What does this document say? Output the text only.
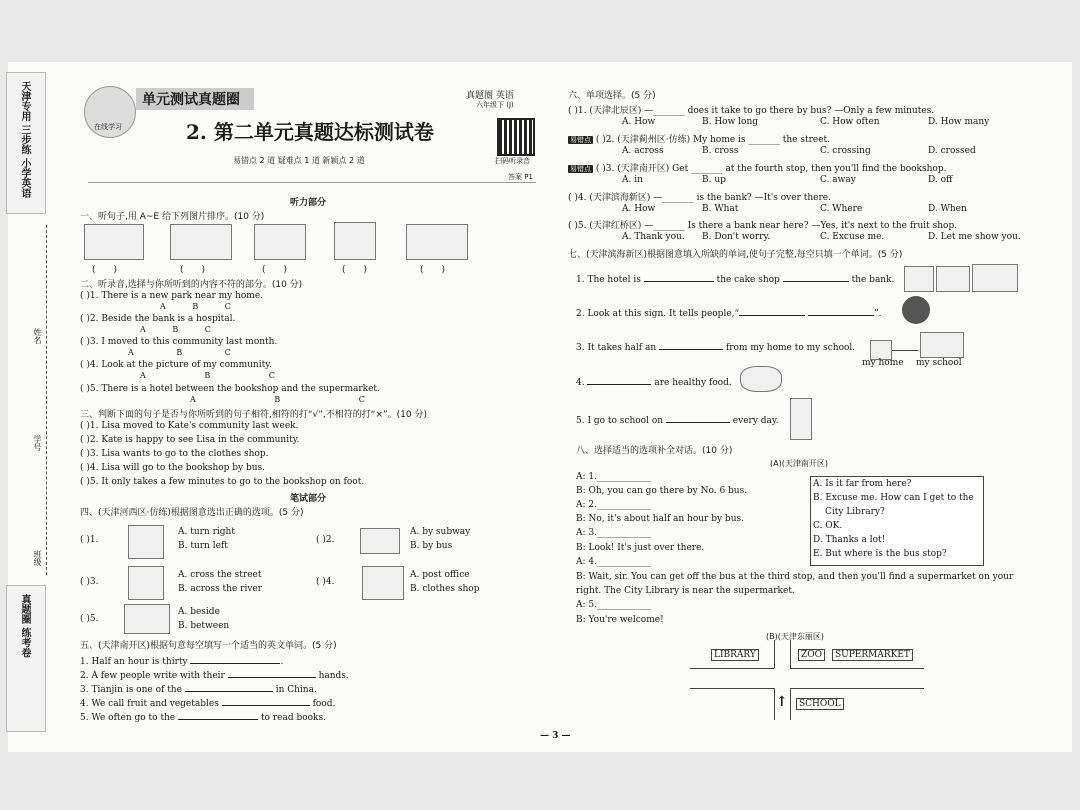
天津专用 三步练 小学英语
真题圈 练考卷
班级
学号
姓名
在线学习
单元测试真题圈	真题圈 英语
六年级下 (J)
2. 第二单元真题达标测试卷
易错点 2 道 疑难点 1 道 新颖点 2 道	扫码听录音
答案 P1
听力部分
一、听句子,用 A~E 给下列图片排序。(10 分)
(　　)	(　　)	(　　)	(　　)	(　　)
二、听录音,选择与你所听到的内容不符的部分。(10 分)
( )1. There is a new park near my home.
A B C
( )2. Beside the bank is a hospital.
A B C
( )3. I moved to this community last month.
A B C
( )4. Look at the picture of my community.
A B C
( )5. There is a hotel between the bookshop and the supermarket.
A B C
三、判断下面的句子是否与你所听到的句子相符,相符的打“√”,不相符的打“×”。(10 分)
( )1. Lisa moved to Kate's community last week.
( )2. Kate is happy to see Lisa in the community.
( )3. Lisa wants to go to the clothes shop.
( )4. Lisa will go to the bookshop by bus.
( )5. It only takes a few minutes to go to the bookshop on foot.
笔试部分
四、(天津河西区·仿练)根据图意选出正确的选项。(5 分)
( )1.
A. turn right
B. turn left
( )2.
A. by subway
B. by bus
( )3.
A. cross the street
B. across the river
( )4.
A. post office
B. clothes shop
( )5.
A. beside
B. between
五、(天津南开区)根据句意每空填写一个适当的英文单词。(5 分)
1. Half an hour is thirty	.
2. A few people write with their	hands.
3. Tianjin is one of the	in China.
4. We call fruit and vegetables	food.
5. We often go to the	to read books.
六、单项选择。(5 分)
( )1. (天津北辰区) —_______ does it take to go there by bus? —Only a few minutes.
A. How	B. How long	C. How often	D. How many
易错点 ( )2. (天津蓟州区·仿练) My home is _______ the street.
A. across	B. cross	C. crossing	D. crossed
易错点 ( )3. (天津南开区) Get _______ at the fourth stop, then you'll find the bookshop.
A. in	B. up	C. away	D. off
( )4. (天津滨海新区) —_______ is the bank? —It's over there.
A. How	B. What	C. Where	D. When
( )5. (天津红桥区) —_______ Is there a bank near here? —Yes, it's next to the fruit shop.
A. Thank you. B. Don't worry.	C. Excuse me.	D. Let me show you.
七、(天津滨海新区)根据图意填入所缺的单词,使句子完整,每空只填一个单词。(5 分)
1. The hotel is	the cake shop	the bank.
2. Look at this sign. It tells people,“	”.
3. It takes half an	from my home to my school.
my home my school
4.	are healthy food.
5. I go to school on	every day.
八、选择适当的选项补全对话。(10 分)
(A)(天津南开区)
A: 1.____________
B: Oh, you can go there by No. 6 bus.
A: 2.____________
B: No, it's about half an hour by bus.
A: 3.____________
B: Look! It's just over there.
A: 4.____________
B: Wait, sir. You can get off the bus at the third stop, and then you'll find a supermarket on your
right. The City Library is near the supermarket.
A: 5.____________
B: You're welcome!
A. Is it far from here?
B. Excuse me. How can I get to the
City Library?
C. OK.
D. Thanks a lot!
E. But where is the bus stop?
(B)(天津东丽区)
↑
LIBRARY	ZOO	SUPERMARKET
SCHOOL
— 3 —
